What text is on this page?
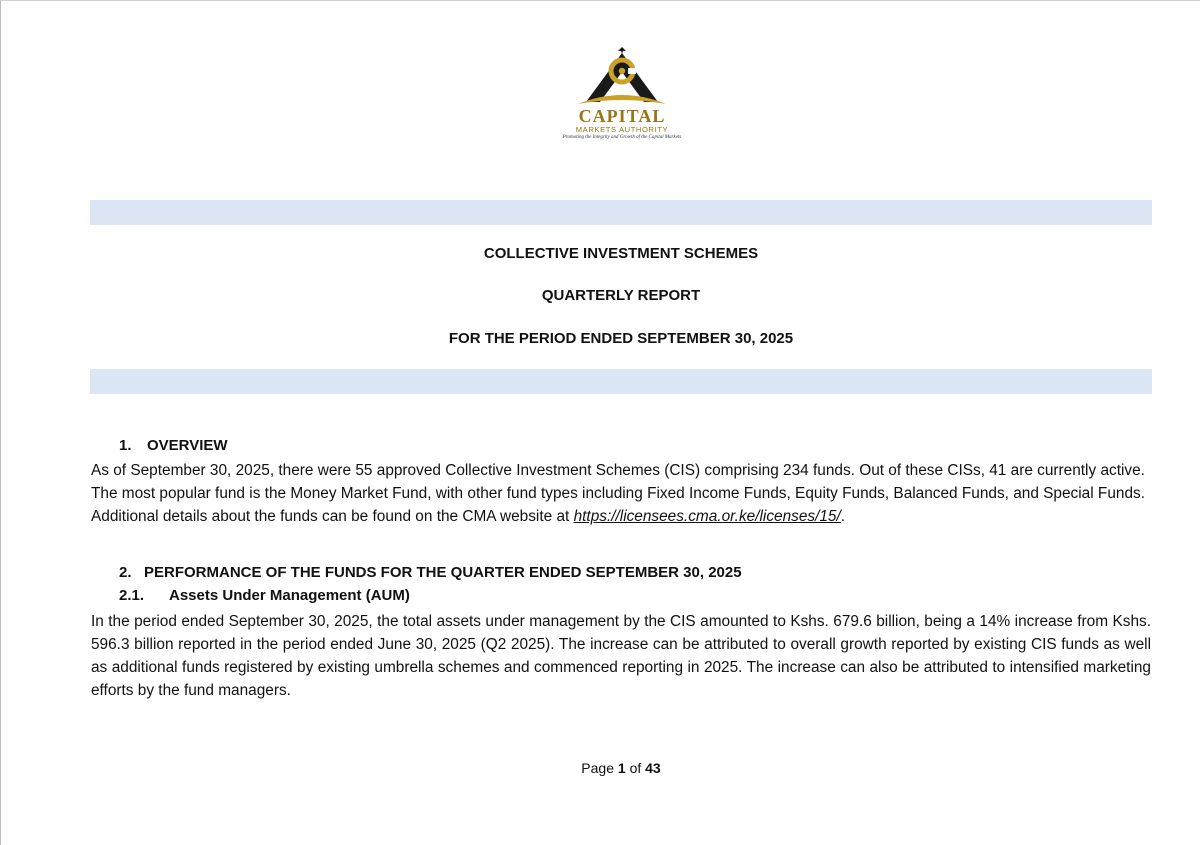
CAPITAL
MARKETS AUTHORITY
Promoting the Integrity and Growth of the Capital Markets
COLLECTIVE INVESTMENT SCHEMES
QUARTERLY REPORT
FOR THE PERIOD ENDED SEPTEMBER 30, 2025
1. OVERVIEW
As of September 30, 2025, there were 55 approved Collective Investment Schemes (CIS) comprising 234 funds. Out of these CISs, 41 are currently active. The most popular fund is the Money Market Fund, with other fund types including Fixed Income Funds, Equity Funds, Balanced Funds, and Special Funds. Additional details about the funds can be found on the CMA website at https://licensees.cma.or.ke/licenses/15/.
2. PERFORMANCE OF THE FUNDS FOR THE QUARTER ENDED SEPTEMBER 30, 2025
2.1. Assets Under Management (AUM)
In the period ended September 30, 2025, the total assets under management by the CIS amounted to Kshs. 679.6 billion, being a 14% increase from Kshs. 596.3 billion reported in the period ended June 30, 2025 (Q2 2025). The increase can be attributed to overall growth reported by existing CIS funds as well as additional funds registered by existing umbrella schemes and commenced reporting in 2025. The increase can also be attributed to intensified marketing efforts by the fund managers.
Page 1 of 43
